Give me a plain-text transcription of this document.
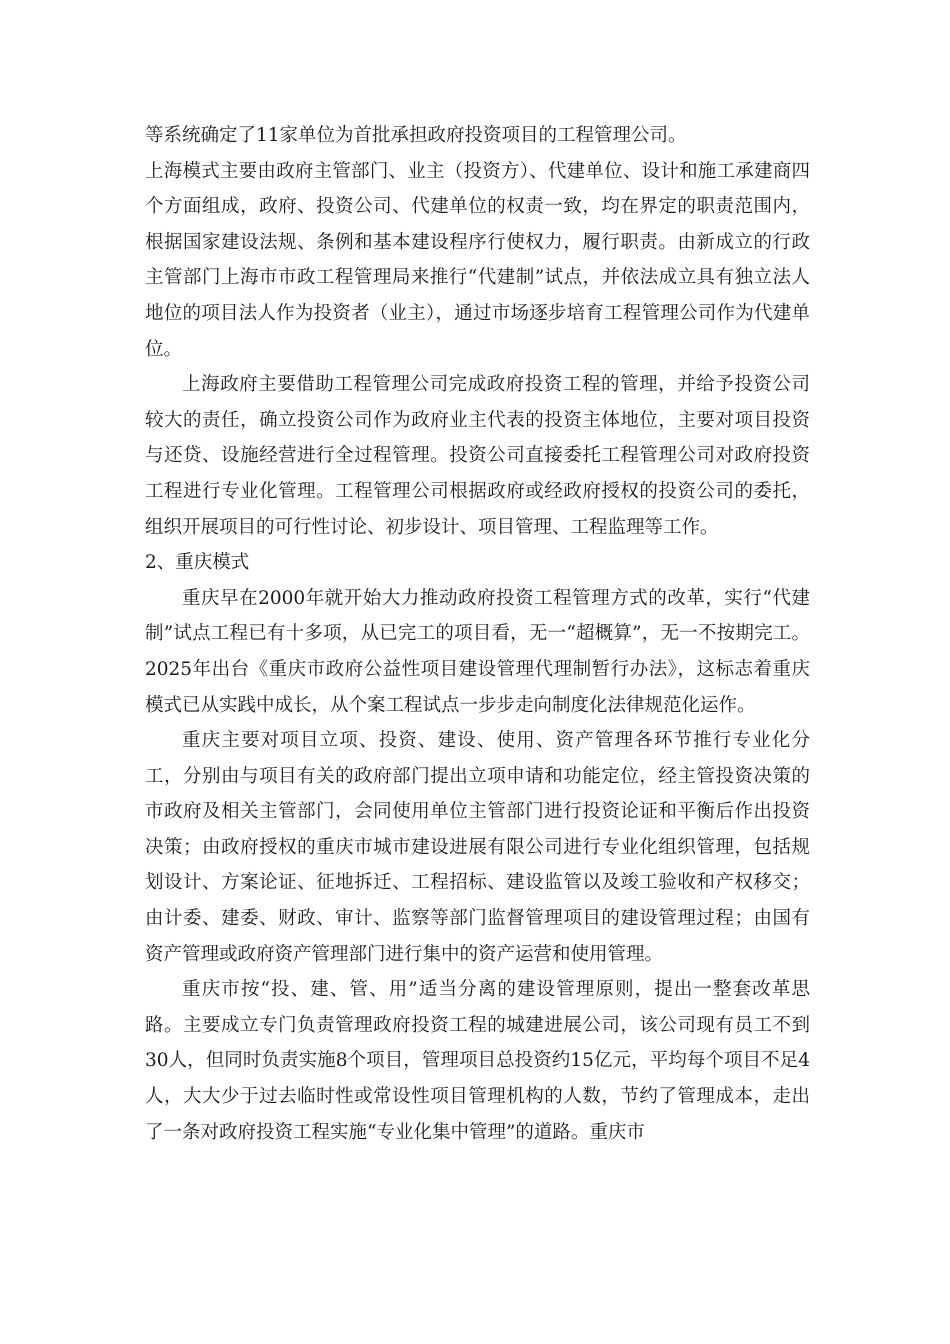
等系统确定了11家单位为首批承担政府投资项目的工程管理公司。

上海模式主要由政府主管部门、业主（投资方）、代建单位、设计和施工承建商四个方面组成，政府、投资公司、代建单位的权责一致，均在界定的职责范围内，根据国家建设法规、条例和基本建设程序行使权力，履行职责。由新成立的行政主管部门上海市市政工程管理局来推行“代建制”试点，并依法成立具有独立法人地位的项目法人作为投资者（业主），通过市场逐步培育工程管理公司作为代建单位。

上海政府主要借助工程管理公司完成政府投资工程的管理，并给予投资公司较大的责任，确立投资公司作为政府业主代表的投资主体地位，主要对项目投资与还贷、设施经营进行全过程管理。投资公司直接委托工程管理公司对政府投资工程进行专业化管理。工程管理公司根据政府或经政府授权的投资公司的委托，组织开展项目的可行性讨论、初步设计、项目管理、工程监理等工作。

2、重庆模式

重庆早在2000年就开始大力推动政府投资工程管理方式的改革，实行“代建制”试点工程已有十多项，从已完工的项目看，无一“超概算”，无一不按期完工。2025年出台《重庆市政府公益性项目建设管理代理制暂行办法》，这标志着重庆模式已从实践中成长，从个案工程试点一步步走向制度化法律规范化运作。

重庆主要对项目立项、投资、建设、使用、资产管理各环节推行专业化分工，分别由与项目有关的政府部门提出立项申请和功能定位，经主管投资决策的市政府及相关主管部门，会同使用单位主管部门进行投资论证和平衡后作出投资决策；由政府授权的重庆市城市建设进展有限公司进行专业化组织管理，包括规划设计、方案论证、征地拆迁、工程招标、建设监管以及竣工验收和产权移交；由计委、建委、财政、审计、监察等部门监督管理项目的建设管理过程；由国有资产管理或政府资产管理部门进行集中的资产运营和使用管理。

重庆市按“投、建、管、用”适当分离的建设管理原则，提出一整套改革思路。主要成立专门负责管理政府投资工程的城建进展公司，该公司现有员工不到30人，但同时负责实施8个项目，管理项目总投资约15亿元，平均每个项目不足4人，大大少于过去临时性或常设性项目管理机构的人数，节约了管理成本，走出了一条对政府投资工程实施“专业化集中管理”的道路。重庆市
